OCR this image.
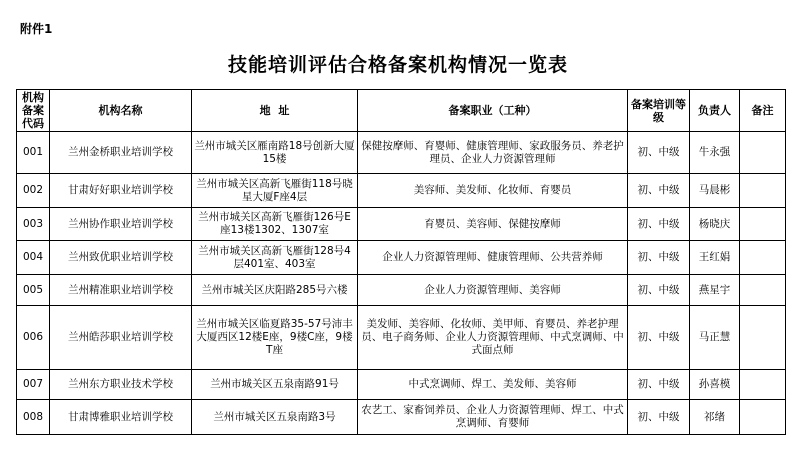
附件1
技能培训评估合格备案机构情况一览表
机构备案代码	机构名称	地  址	备案职业（工种）	备案培训等级	负责人	备注
001	兰州金桥职业培训学校	兰州市城关区雁南路18号创新大厦15楼	保健按摩师、育婴师、健康管理师、家政服务员、养老护理员、企业人力资源管理师	初、中级	牛永强	
002	甘肃好好职业培训学校	兰州市城关区高新飞雁街118号晓星大厦F座4层	美容师、美发师、化妆师、育婴员	初、中级	马晨彬	
003	兰州协作职业培训学校	兰州市城关区高新飞雁街126号E座13楼1302、1307室	育婴员、美容师、保健按摩师	初、中级	杨晓庆	
004	兰州致优职业培训学校	兰州市城关区高新飞雁街128号4层401室、403室	企业人力资源管理师、健康管理师、公共营养师	初、中级	王红娟	
005	兰州精准职业培训学校	兰州市城关区庆阳路285号六楼	企业人力资源管理师、美容师	初、中级	燕星宇	
006	兰州皓莎职业培训学校	兰州市城关区临夏路35-57号沛丰大厦西区12楼E座，9楼C座，9楼T座	美发师、美容师、化妆师、美甲师、育婴员、养老护理员、电子商务师、企业人力资源管理师、中式烹调师、中式面点师	初、中级	马正慧	
007	兰州东方职业技术学校	兰州市城关区五泉南路91号	中式烹调师、焊工、美发师、美容师	初、中级	孙喜模	
008	甘肃博雅职业培训学校	兰州市城关区五泉南路3号	农艺工、家畜饲养员、企业人力资源管理师、焊工、中式烹调师、育婴师	初、中级	祁绪	
